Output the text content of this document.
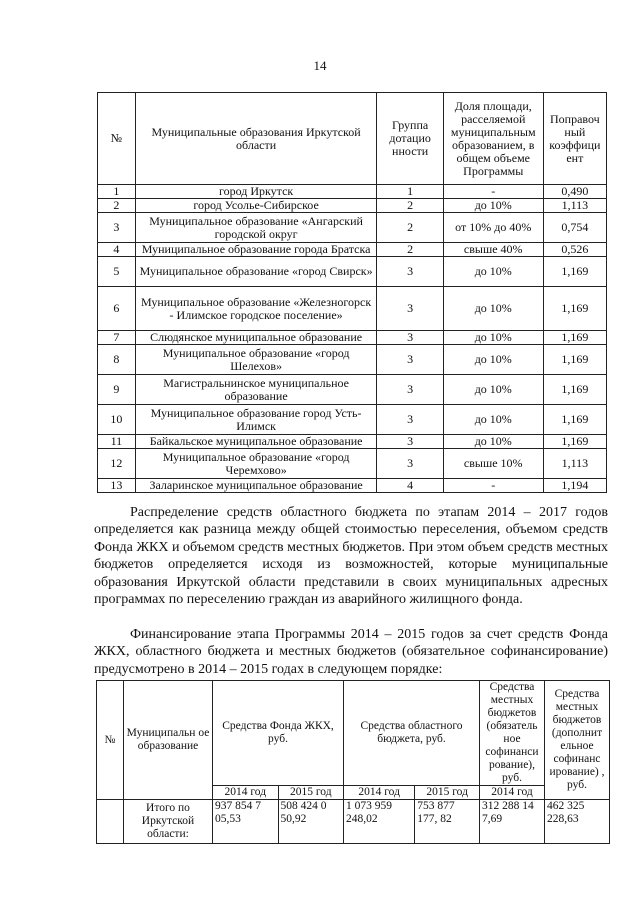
14
№	Муниципальные образования Иркутской области	Группа дотацио нности	Доля площади, расселяемой муниципальным образованием, в общем объеме Программы	Поправоч ный коэффици ент
1	город Иркутск	1	-	0,490
2	город Усолье-Сибирское	2	до 10%	1,113
3	Муниципальное образование «Ангарский городской округ	2	от 10% до 40%	0,754
4	Муниципальное образование города Братска	2	свыше 40%	0,526
5	Муниципальное образование «город Свирск»	3	до 10%	1,169
6	Муниципальное образование «Железногорск - Илимское городское поселение»	3	до 10%	1,169
7	Слюдянское муниципальное образование	3	до 10%	1,169
8	Муниципальное образование «город Шелехов»	3	до 10%	1,169
9	Магистральнинское муниципальное образование	3	до 10%	1,169
10	Муниципальное образование город Усть-Илимск	3	до 10%	1,169
11	Байкальское муниципальное образование	3	до 10%	1,169
12	Муниципальное образование «город Черемхово»	3	свыше 10%	1,113
13	Заларинское муниципальное образование	4	-	1,194

Распределение средств областного бюджета по этапам 2014 – 2017 годов определяется как разница между общей стоимостью переселения, объемом средств Фонда ЖКХ и объемом средств местных бюджетов. При этом объем средств местных бюджетов определяется исходя из возможностей, которые муниципальные образования Иркутской области представили в своих муниципальных адресных программах по переселению граждан из аварийного жилищного фонда.

Финансирование этапа Программы 2014 – 2015 годов за счет средств Фонда ЖКХ, областного бюджета и местных бюджетов (обязательное софинансирование) предусмотрено в 2014 – 2015 годах в следующем порядке:

№	Муниципальн ое образование	Средства Фонда ЖКХ, руб.		Средства областного бюджета, руб.		Средства местных бюджетов (обязатель ное софинанси рование), руб.	Средства местных бюджетов (дополнит ельное софинанс ирование) , руб.
		2014 год	2015 год	2014 год	2015 год	2014 год	
	Итого по Иркутской области:	937 854 7 05,53	508 424 0 50,92	1 073 959 248,02	753 877 177, 82	312 288 14 7,69	462 325 228,63
